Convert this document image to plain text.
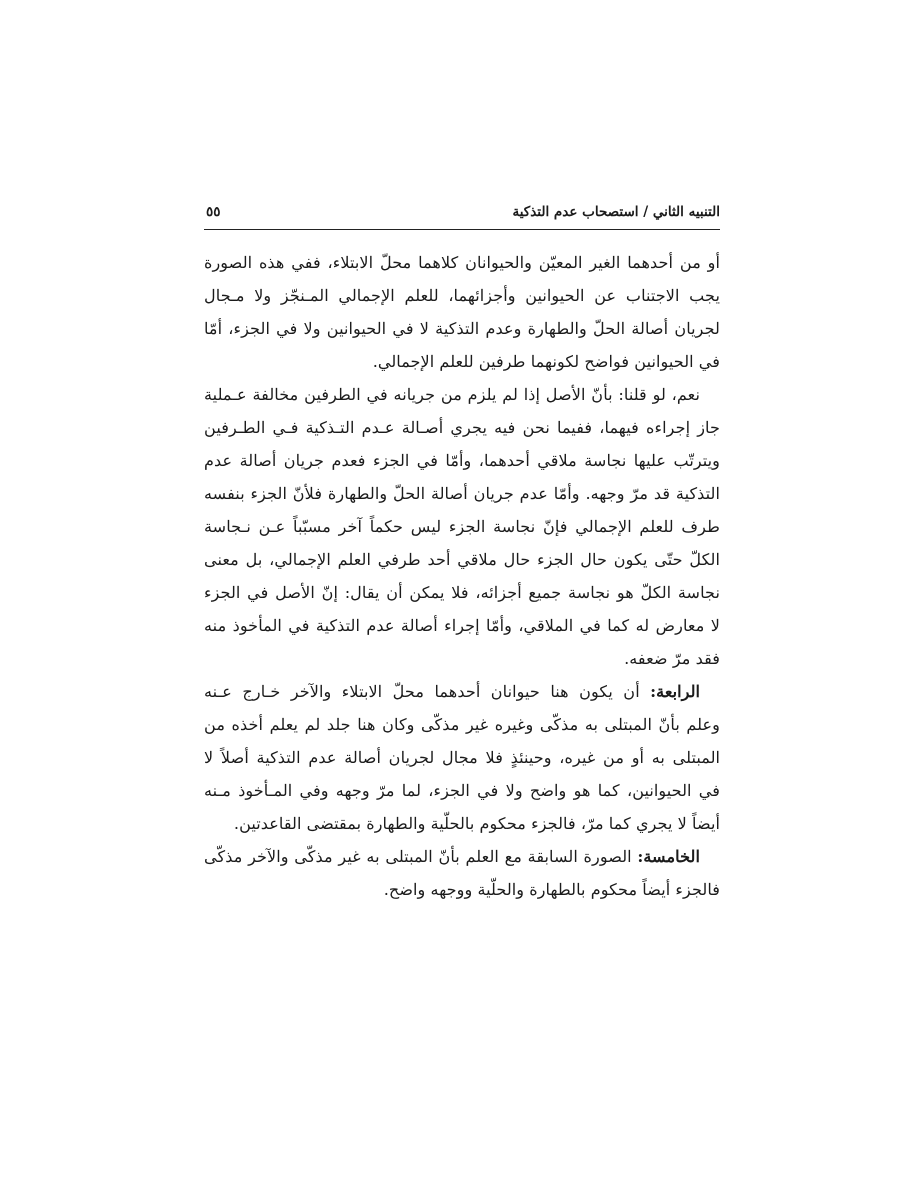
التنبيه الثاني / استصحاب عدم التذكية
٥٥
أو من أحدهما الغير المعيّن والحيوانان كلاهما محلّ الابتلاء، ففي هذه الصورة
يجب الاجتناب عن الحيوانين وأجزائهما، للعلم الإجمالي المـنجّز ولا مـجال
لجريان أصالة الحلّ والطهارة وعدم التذكية لا في الحيوانين ولا في الجزء، أمّا
في الحيوانين فواضح لكونهما طرفين للعلم الإجمالي.
نعم، لو قلنا: بأنّ الأصل إذا لم يلزم من جريانه في الطرفين مخالفة عـملية
جاز إجراءه فيهما، ففيما نحن فيه يجري أصـالة عـدم التـذكية فـي الطـرفين
ويترتّب عليها نجاسة ملاقي أحدهما، وأمّا في الجزء فعدم جريان أصالة عدم
التذكية قد مرّ وجهه. وأمّا عدم جريان أصالة الحلّ والطهارة فلأنّ الجزء بنفسه
طرف للعلم الإجمالي فإنّ نجاسة الجزء ليس حكماً آخر مسبّباً عـن نـجاسة
الكلّ حتّى يكون حال الجزء حال ملاقي أحد طرفي العلم الإجمالي، بل معنى
نجاسة الكلّ هو نجاسة جميع أجزائه، فلا يمكن أن يقال: إنّ الأصل في الجزء
لا معارض له كما في الملاقي، وأمّا إجراء أصالة عدم التذكية في المأخوذ منه
فقد مرّ ضعفه.
الرابعة: أن يكون هنا حيوانان أحدهما محلّ الابتلاء والآخر خـارج عـنه
وعلم بأنّ المبتلى به مذكّى وغيره غير مذكّى وكان هنا جلد لم يعلم أخذه من
المبتلى به أو من غيره، وحينئذٍ فلا مجال لجريان أصالة عدم التذكية أصلاً لا
في الحيوانين، كما هو واضح ولا في الجزء، لما مرّ وجهه وفي المـأخوذ مـنه
أيضاً لا يجري كما مرّ، فالجزء محكوم بالحلّية والطهارة بمقتضى القاعدتين.
الخامسة: الصورة السابقة مع العلم بأنّ المبتلى به غير مذكّى والآخر مذكّى
فالجزء أيضاً محكوم بالطهارة والحلّية ووجهه واضح.
